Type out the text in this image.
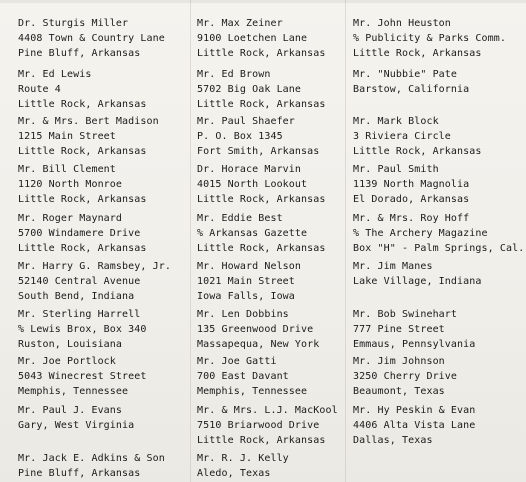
Dr. Sturgis Miller
4408 Town & Country Lane
Pine Bluff, Arkansas
Mr. Ed Lewis
Route 4
Little Rock, Arkansas
Mr. & Mrs. Bert Madison
1215 Main Street
Little Rock, Arkansas
Mr. Bill Clement
1120 North Monroe
Little Rock, Arkansas
Mr. Roger Maynard
5700 Windamere Drive
Little Rock, Arkansas
Mr. Harry G. Ramsbey, Jr.
52140 Central Avenue
South Bend, Indiana
Mr. Sterling Harrell
% Lewis Brox, Box 340
Ruston, Louisiana
Mr. Joe Portlock
5043 Winecrest Street
Memphis, Tennessee
Mr. Paul J. Evans
Gary, West Virginia
Mr. Jack E. Adkins & Son
Pine Bluff, Arkansas
Mr. Max Zeiner
9100 Loetchen Lane
Little Rock, Arkansas
Mr. Ed Brown
5702 Big Oak Lane
Little Rock, Arkansas
Mr. Paul Shaefer
P. O. Box 1345
Fort Smith, Arkansas
Dr. Horace Marvin
4015 North Lookout
Little Rock, Arkansas
Mr. Eddie Best
% Arkansas Gazette
Little Rock, Arkansas
Mr. Howard Nelson
1021 Main Street
Iowa Falls, Iowa
Mr. Len Dobbins
135 Greenwood Drive
Massapequa, New York
Mr. Joe Gatti
700 East Davant
Memphis, Tennessee
Mr. & Mrs. L.J. MacKool
7510 Briarwood Drive
Little Rock, Arkansas
Mr. R. J. Kelly
Aledo, Texas
Mr. John Heuston
% Publicity & Parks Comm.
Little Rock, Arkansas
Mr. "Nubbie" Pate
Barstow, California
Mr. Mark Block
3 Riviera Circle
Little Rock, Arkansas
Mr. Paul Smith
1139 North Magnolia
El Dorado, Arkansas
Mr. & Mrs. Roy Hoff
% The Archery Magazine
Box "H" - Palm Springs, Cal.
Mr. Jim Manes
Lake Village, Indiana
Mr. Bob Swinehart
777 Pine Street
Emmaus, Pennsylvania
Mr. Jim Johnson
3250 Cherry Drive
Beaumont, Texas
Mr. Hy Peskin & Evan
4406 Alta Vista Lane
Dallas, Texas
